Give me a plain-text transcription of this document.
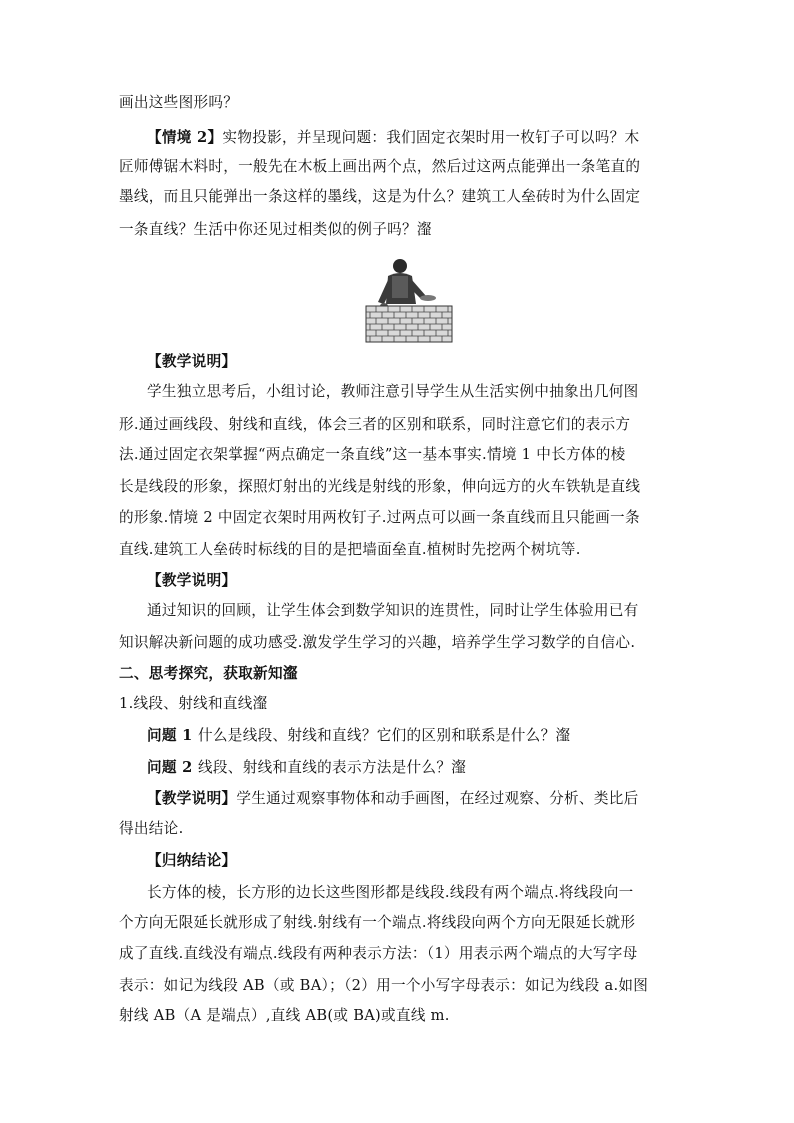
画出这些图形吗？
【情境 2】实物投影，并呈现问题：我们固定衣架时用一枚钉子可以吗？木
匠师傅锯木料时，一般先在木板上画出两个点，然后过这两点能弹出一条笔直的
墨线，而且只能弹出一条这样的墨线，这是为什么？建筑工人垒砖时为什么固定
一条直线？生活中你还见过相类似的例子吗？瀣
【教学说明】
学生独立思考后，小组讨论，教师注意引导学生从生活实例中抽象出几何图
形.通过画线段、射线和直线，体会三者的区别和联系，同时注意它们的表示方
法.通过固定衣架掌握“两点确定一条直线”这一基本事实.情境 1 中长方体的棱
长是线段的形象，探照灯射出的光线是射线的形象，伸向远方的火车铁轨是直线
的形象.情境 2 中固定衣架时用两枚钉子.过两点可以画一条直线而且只能画一条
直线.建筑工人垒砖时标线的目的是把墙面垒直.植树时先挖两个树坑等.
【教学说明】
通过知识的回顾，让学生体会到数学知识的连贯性，同时让学生体验用已有
知识解决新问题的成功感受.激发学生学习的兴趣，培养学生学习数学的自信心.
二、思考探究，获取新知瀣
1.线段、射线和直线瀣
问题 1 什么是线段、射线和直线？它们的区别和联系是什么？瀣
问题 2 线段、射线和直线的表示方法是什么？瀣
【教学说明】学生通过观察事物体和动手画图，在经过观察、分析、类比后
得出结论.
【归纳结论】
长方体的棱，长方形的边长这些图形都是线段.线段有两个端点.将线段向一
个方向无限延长就形成了射线.射线有一个端点.将线段向两个方向无限延长就形
成了直线.直线没有端点.线段有两种表示方法：（1）用表示两个端点的大写字母
表示：如记为线段 AB（或 BA）；（2）用一个小写字母表示：如记为线段 a.如图
射线 AB（A 是端点）,直线 AB(或 BA)或直线 m.
